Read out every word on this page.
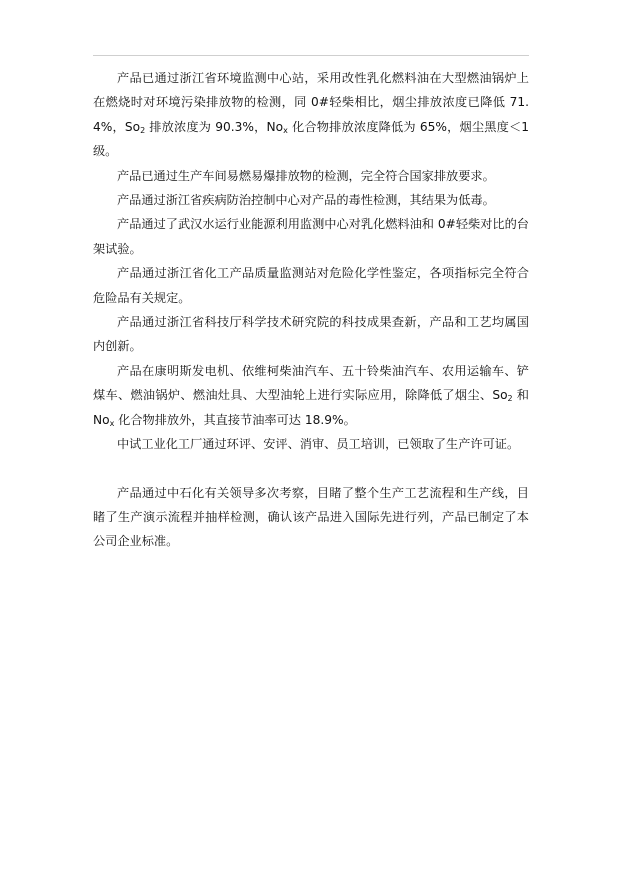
产品已通过浙江省环境监测中心站，采用改性乳化燃料油在大型燃油锅炉上在燃烧时对环境污染排放物的检测，同 0#轻柴相比，烟尘排放浓度已降低 71.4%，$So_2$ 排放浓度为 90.3%，$No_x$ 化合物排放浓度降低为 65%，烟尘黑度＜1 级。

产品已通过生产车间易燃易爆排放物的检测，完全符合国家排放要求。

产品通过浙江省疾病防治控制中心对产品的毒性检测，其结果为低毒。

产品通过了武汉水运行业能源利用监测中心对乳化燃料油和 0#轻柴对比的台架试验。

产品通过浙江省化工产品质量监测站对危险化学性鉴定，各项指标完全符合危险品有关规定。

产品通过浙江省科技厅科学技术研究院的科技成果查新，产品和工艺均属国内创新。

产品在康明斯发电机、依维柯柴油汽车、五十铃柴油汽车、农用运输车、铲煤车、燃油锅炉、燃油灶具、大型油轮上进行实际应用，除降低了烟尘、$So_2$ 和 $No_x$ 化合物排放外，其直接节油率可达 18.9%。

中试工业化工厂通过环评、安评、消审、员工培训，已领取了生产许可证。

产品通过中石化有关领导多次考察，目睹了整个生产工艺流程和生产线，目睹了生产演示流程并抽样检测，确认该产品进入国际先进行列，产品已制定了本公司企业标准。
